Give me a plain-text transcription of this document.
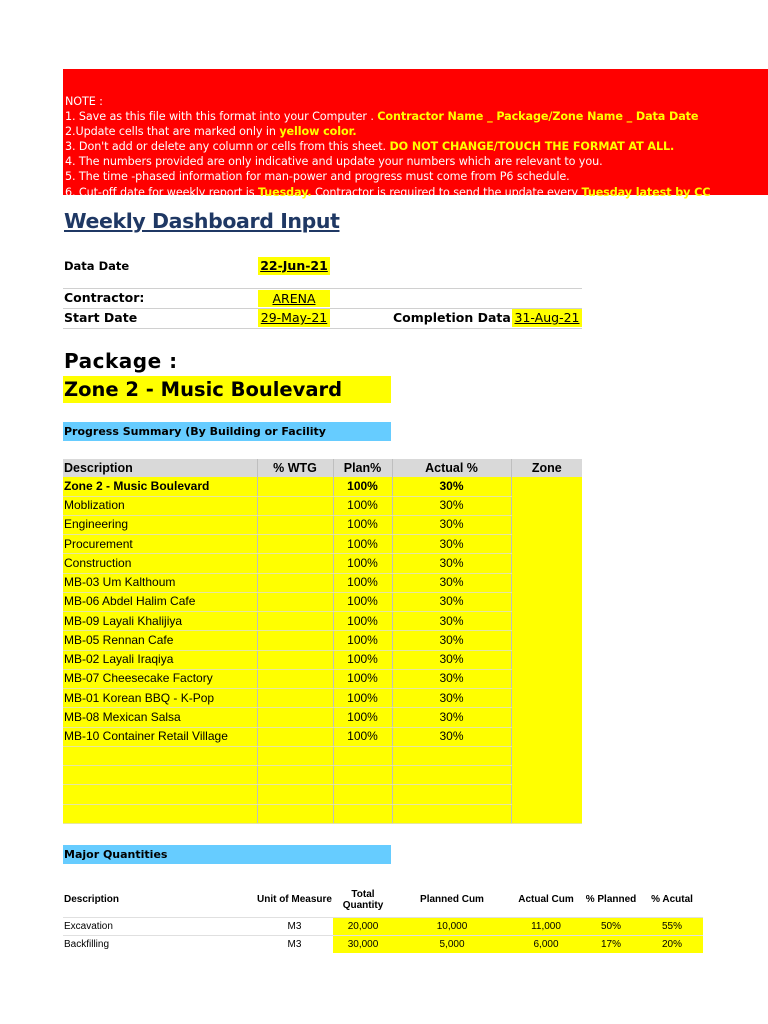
NOTE :
1. Save as this file with this format into your Computer . Contractor Name _ Package/Zone Name _ Data Date
2.Update cells that are marked only in yellow color.
3. Don't add or delete any column or cells from this sheet. DO NOT CHANGE/TOUCH THE FORMAT AT ALL.
4. The numbers provided are only indicative and update your numbers which are relevant to you.
5. The time -phased information for man-power and progress must come from P6 schedule.
6. Cut-off date for weekly report is Tuesday. Contractor is required to send the update every Tuesday latest by CC
Weekly Dashboard Input
Data Date	22-Jun-21
Contractor:	ARENA
Start Date	29-May-21	Completion Data 31-Aug-21
Package :
Zone 2 - Music Boulevard
Progress Summary (By Building or Facility
Description	% WTG	Plan%	Actual %	Zone
Zone 2 - Music Boulevard		100%	30%	
Moblization		100%	30%	
Engineering		100%	30%	
Procurement		100%	30%	
Construction		100%	30%	
MB-03 Um Kalthoum		100%	30%	
MB-06 Abdel Halim Cafe		100%	30%	
MB-09 Layali Khalijiya		100%	30%	
MB-05 Rennan Cafe		100%	30%	
MB-02 Layali Iraqiya		100%	30%	
MB-07 Cheesecake Factory		100%	30%	
MB-01 Korean BBQ - K-Pop		100%	30%	
MB-08 Mexican Salsa		100%	30%	
MB-10 Container Retail Village		100%	30%	

Major Quantities
Description	Unit of Measure	Total Quantity	Planned Cum	Actual Cum	% Planned	% Acutal
Excavation	M3	20,000	10,000	11,000	50%	55%
Backfilling	M3	30,000	5,000	6,000	17%	20%
